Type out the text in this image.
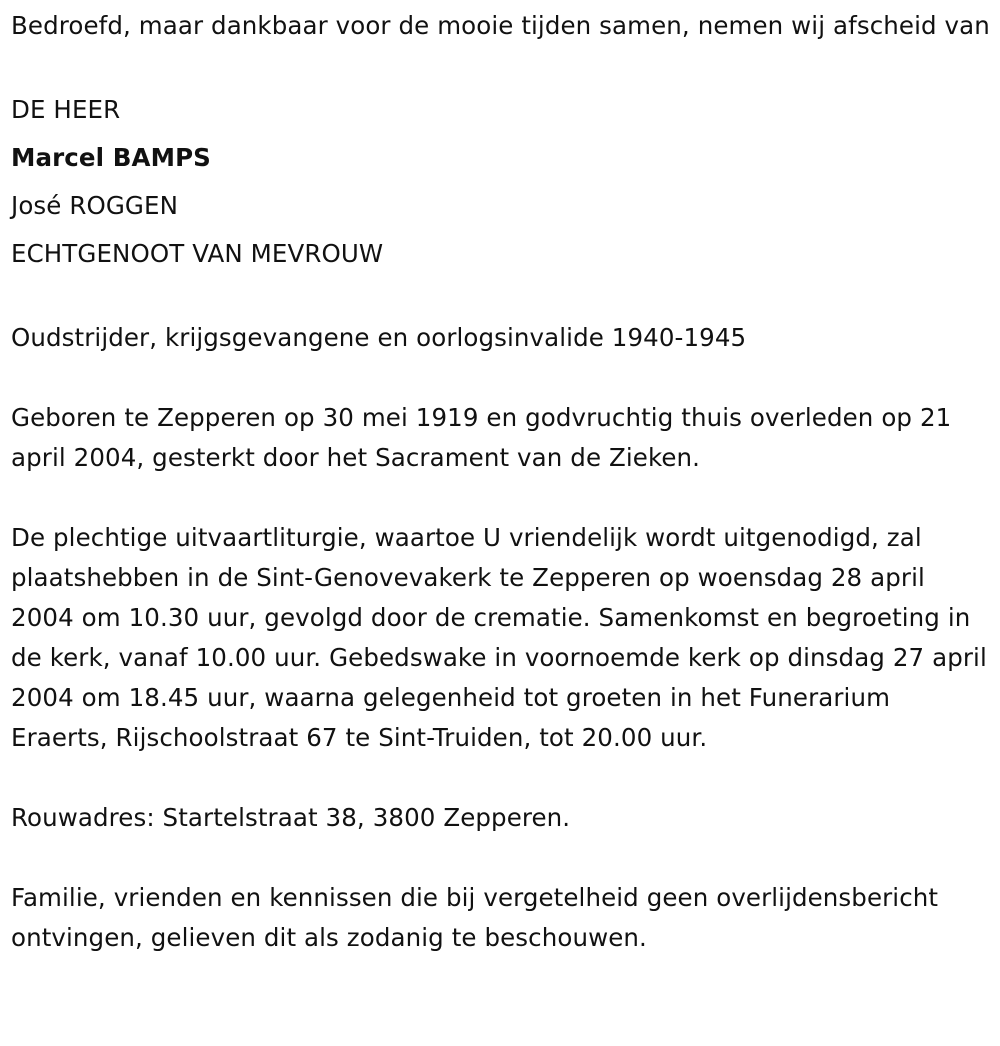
Bedroefd, maar dankbaar voor de mooie tijden samen, nemen wij afscheid van

DE HEER

Marcel BAMPS

José ROGGEN

ECHTGENOOT VAN MEVROUW

Oudstrijder, krijgsgevangene en oorlogsinvalide 1940-1945

Geboren te Zepperen op 30 mei 1919 en godvruchtig thuis overleden op 21 april 2004, gesterkt door het Sacrament van de Zieken.

De plechtige uitvaartliturgie, waartoe U vriendelijk wordt uitgenodigd, zal plaatshebben in de Sint-Genovevakerk te Zepperen op woensdag 28 april 2004 om 10.30 uur, gevolgd door de crematie. Samenkomst en begroeting in de kerk, vanaf 10.00 uur. Gebedswake in voornoemde kerk op dinsdag 27 april 2004 om 18.45 uur, waarna gelegenheid tot groeten in het Funerarium Eraerts, Rijschoolstraat 67 te Sint-Truiden, tot 20.00 uur.

Rouwadres: Startelstraat 38, 3800 Zepperen.

Familie, vrienden en kennissen die bij vergetelheid geen overlijdensbericht ontvingen, gelieven dit als zodanig te beschouwen.
